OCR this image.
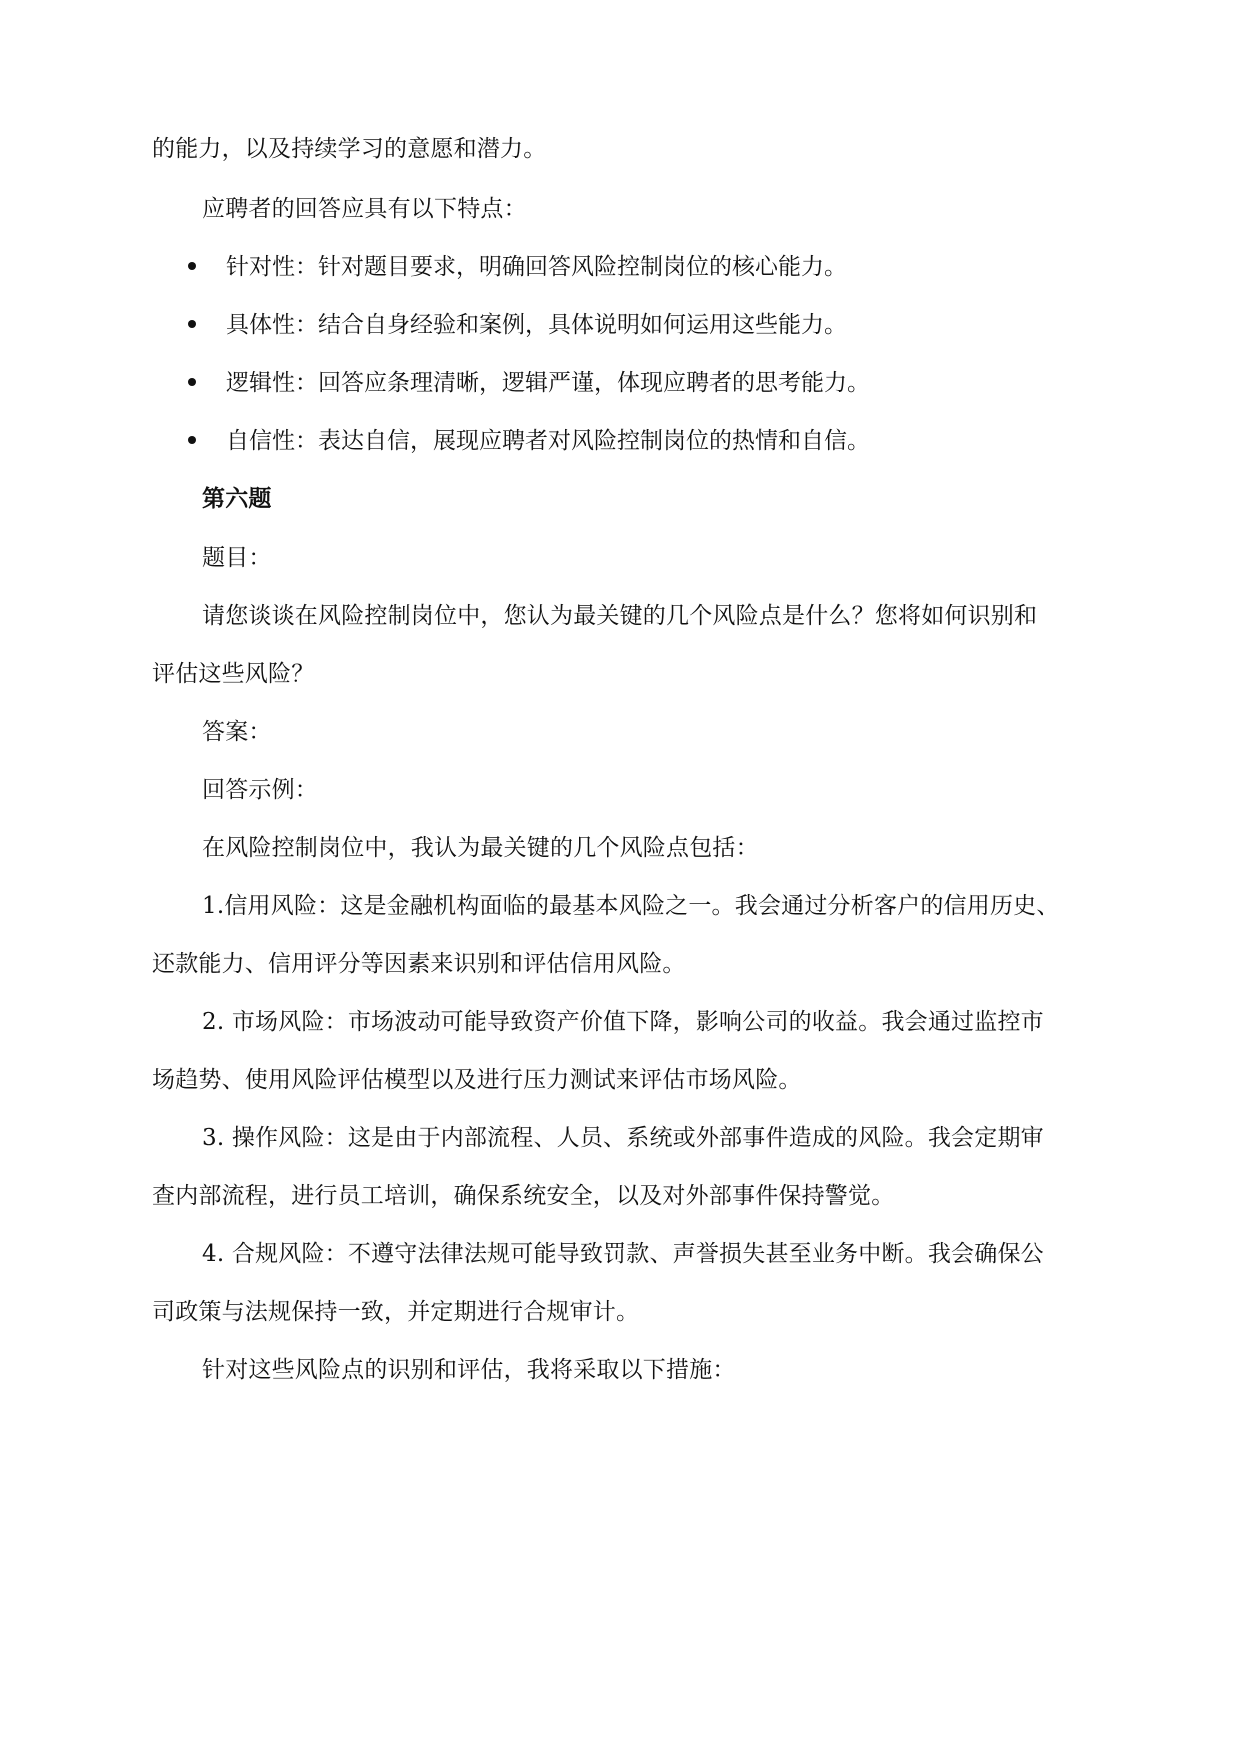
的能力，以及持续学习的意愿和潜力。
应聘者的回答应具有以下特点：
针对性：针对题目要求，明确回答风险控制岗位的核心能力。
具体性：结合自身经验和案例，具体说明如何运用这些能力。
逻辑性：回答应条理清晰，逻辑严谨，体现应聘者的思考能力。
自信性：表达自信，展现应聘者对风险控制岗位的热情和自信。
第六题
题目：
请您谈谈在风险控制岗位中，您认为最关键的几个风险点是什么？您将如何识别和
评估这些风险？
答案：
回答示例：
在风险控制岗位中，我认为最关键的几个风险点包括：
1.信用风险：这是金融机构面临的最基本风险之一。我会通过分析客户的信用历史、
还款能力、信用评分等因素来识别和评估信用风险。
2. 市场风险：市场波动可能导致资产价值下降，影响公司的收益。我会通过监控市
场趋势、使用风险评估模型以及进行压力测试来评估市场风险。
3. 操作风险：这是由于内部流程、人员、系统或外部事件造成的风险。我会定期审
查内部流程，进行员工培训，确保系统安全，以及对外部事件保持警觉。
4. 合规风险：不遵守法律法规可能导致罚款、声誉损失甚至业务中断。我会确保公
司政策与法规保持一致，并定期进行合规审计。
针对这些风险点的识别和评估，我将采取以下措施：
